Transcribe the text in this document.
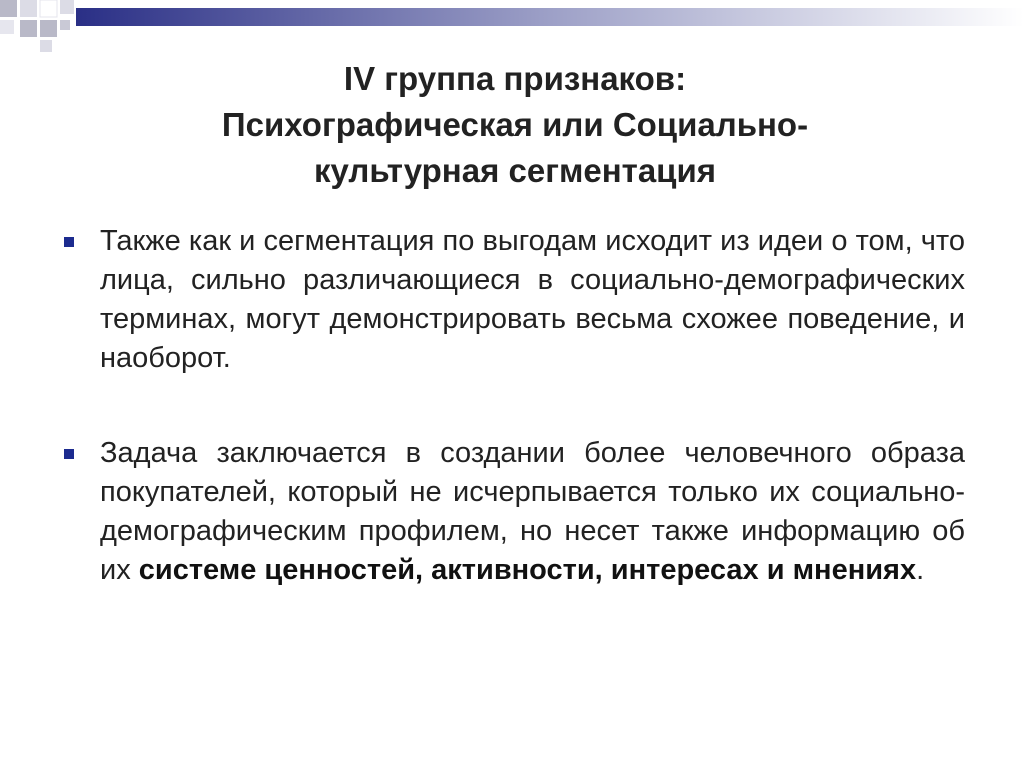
IV группа признаков:
Психографическая или Социально-
культурная сегментация
Также как и сегментация по выгодам исходит из идеи о том, что лица, сильно различающиеся в социально-демографических терминах, могут демонстрировать весьма схожее поведение, и наоборот.
Задача заключается в создании более человечного образа покупателей, который не исчерпывается только их социально-демографическим профилем, но несет также информацию об их системе ценностей, активности, интересах и мнениях.
